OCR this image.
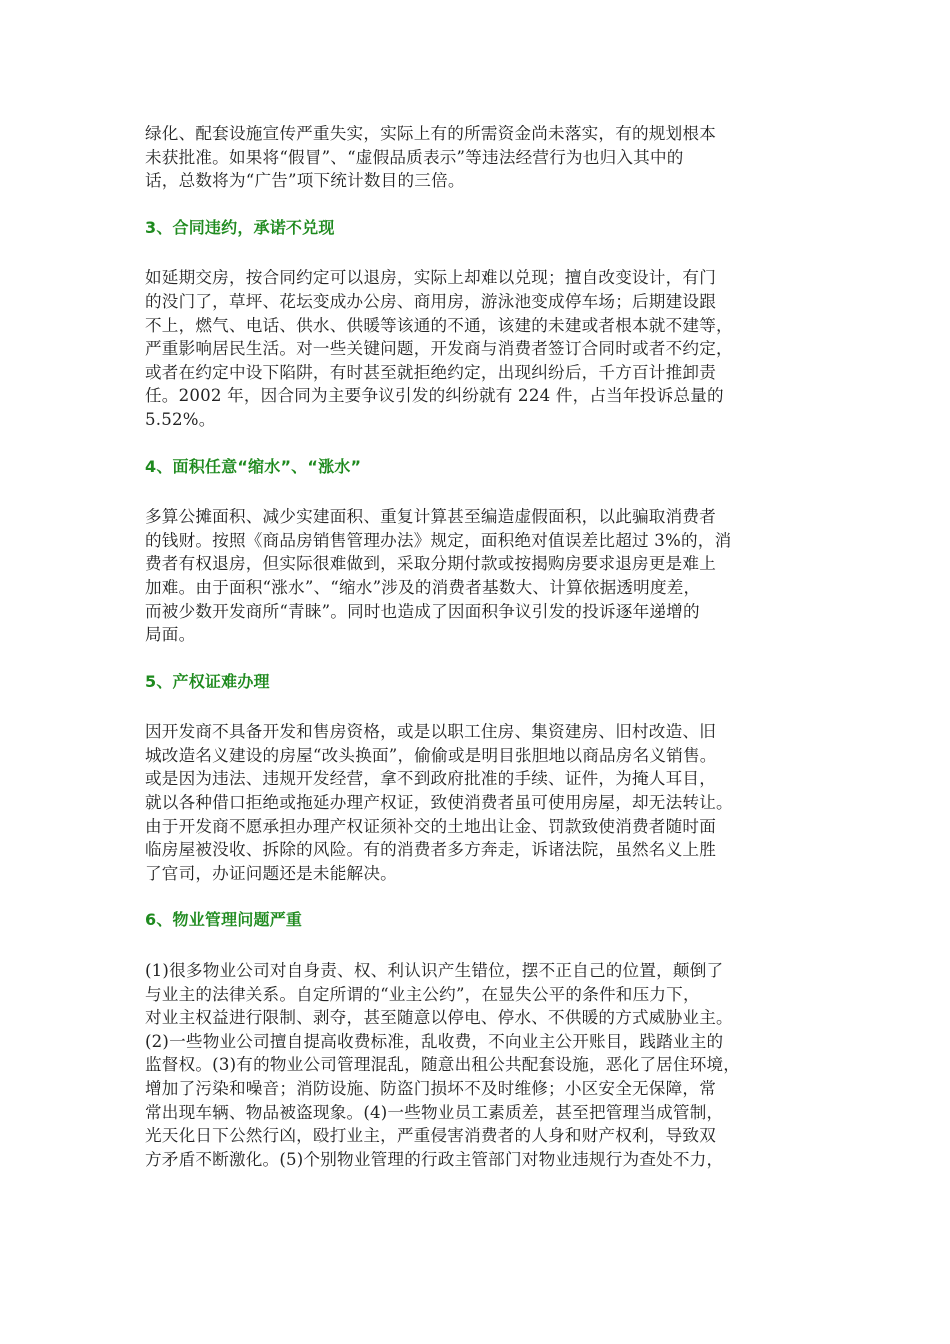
绿化、配套设施宣传严重失实，实际上有的所需资金尚未落实，有的规划根本
未获批准。如果将“假冒”、“虚假品质表示”等违法经营行为也归入其中的
话，总数将为“广告”项下统计数目的三倍。

3、合同违约，承诺不兑现

如延期交房，按合同约定可以退房，实际上却难以兑现；擅自改变设计，有门
的没门了，草坪、花坛变成办公房、商用房，游泳池变成停车场；后期建设跟
不上，燃气、电话、供水、供暖等该通的不通，该建的未建或者根本就不建等，
严重影响居民生活。对一些关键问题，开发商与消费者签订合同时或者不约定，
或者在约定中设下陷阱，有时甚至就拒绝约定，出现纠纷后，千方百计推卸责
任。2002 年，因合同为主要争议引发的纠纷就有 224 件，占当年投诉总量的
5.52%。

4、面积任意“缩水”、“涨水”

多算公摊面积、减少实建面积、重复计算甚至编造虚假面积，以此骗取消费者
的钱财。按照《商品房销售管理办法》规定，面积绝对值误差比超过 3%的，消
费者有权退房，但实际很难做到，采取分期付款或按揭购房要求退房更是难上
加难。由于面积“涨水”、“缩水”涉及的消费者基数大、计算依据透明度差，
而被少数开发商所“青睐”。同时也造成了因面积争议引发的投诉逐年递增的
局面。

5、产权证难办理

因开发商不具备开发和售房资格，或是以职工住房、集资建房、旧村改造、旧
城改造名义建设的房屋“改头换面”，偷偷或是明目张胆地以商品房名义销售。
或是因为违法、违规开发经营，拿不到政府批准的手续、证件，为掩人耳目，
就以各种借口拒绝或拖延办理产权证，致使消费者虽可使用房屋，却无法转让。
由于开发商不愿承担办理产权证须补交的土地出让金、罚款致使消费者随时面
临房屋被没收、拆除的风险。有的消费者多方奔走，诉诸法院，虽然名义上胜
了官司，办证问题还是未能解决。

6、物业管理问题严重

(1)很多物业公司对自身责、权、利认识产生错位，摆不正自己的位置，颠倒了
与业主的法律关系。自定所谓的“业主公约”，在显失公平的条件和压力下，
对业主权益进行限制、剥夺，甚至随意以停电、停水、不供暖的方式威胁业主。
(2)一些物业公司擅自提高收费标准，乱收费，不向业主公开账目，践踏业主的
监督权。(3)有的物业公司管理混乱，随意出租公共配套设施，恶化了居住环境，
增加了污染和噪音；消防设施、防盗门损坏不及时维修；小区安全无保障，常
常出现车辆、物品被盗现象。(4)一些物业员工素质差，甚至把管理当成管制，
光天化日下公然行凶，殴打业主，严重侵害消费者的人身和财产权利，导致双
方矛盾不断激化。(5)个别物业管理的行政主管部门对物业违规行为查处不力，
